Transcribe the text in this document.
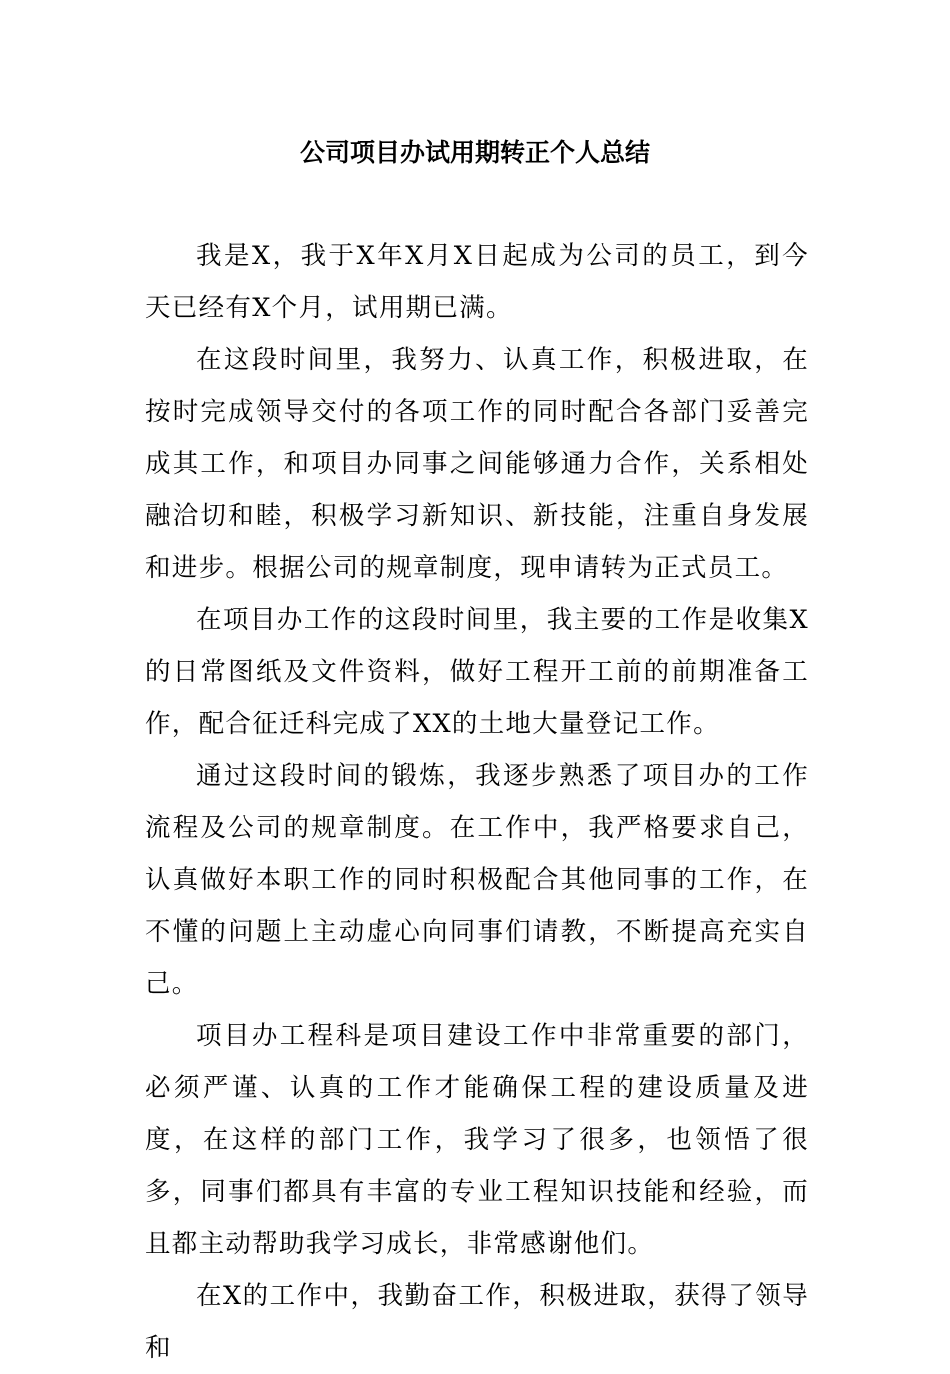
公司项目办试用期转正个人总结

我是X，我于X年X月X日起成为公司的员工，到今天已经有X个月，试用期已满。

在这段时间里，我努力、认真工作，积极进取，在按时完成领导交付的各项工作的同时配合各部门妥善完成其工作，和项目办同事之间能够通力合作，关系相处融洽切和睦，积极学习新知识、新技能，注重自身发展和进步。根据公司的规章制度，现申请转为正式员工。

在项目办工作的这段时间里，我主要的工作是收集X的日常图纸及文件资料，做好工程开工前的前期准备工作，配合征迁科完成了XX的土地大量登记工作。

通过这段时间的锻炼，我逐步熟悉了项目办的工作流程及公司的规章制度。在工作中，我严格要求自己，认真做好本职工作的同时积极配合其他同事的工作，在不懂的问题上主动虚心向同事们请教，不断提高充实自己。

项目办工程科是项目建设工作中非常重要的部门，必须严谨、认真的工作才能确保工程的建设质量及进度，在这样的部门工作，我学习了很多，也领悟了很多，同事们都具有丰富的专业工程知识技能和经验，而且都主动帮助我学习成长，非常感谢他们。

在X的工作中，我勤奋工作，积极进取，获得了领导和
